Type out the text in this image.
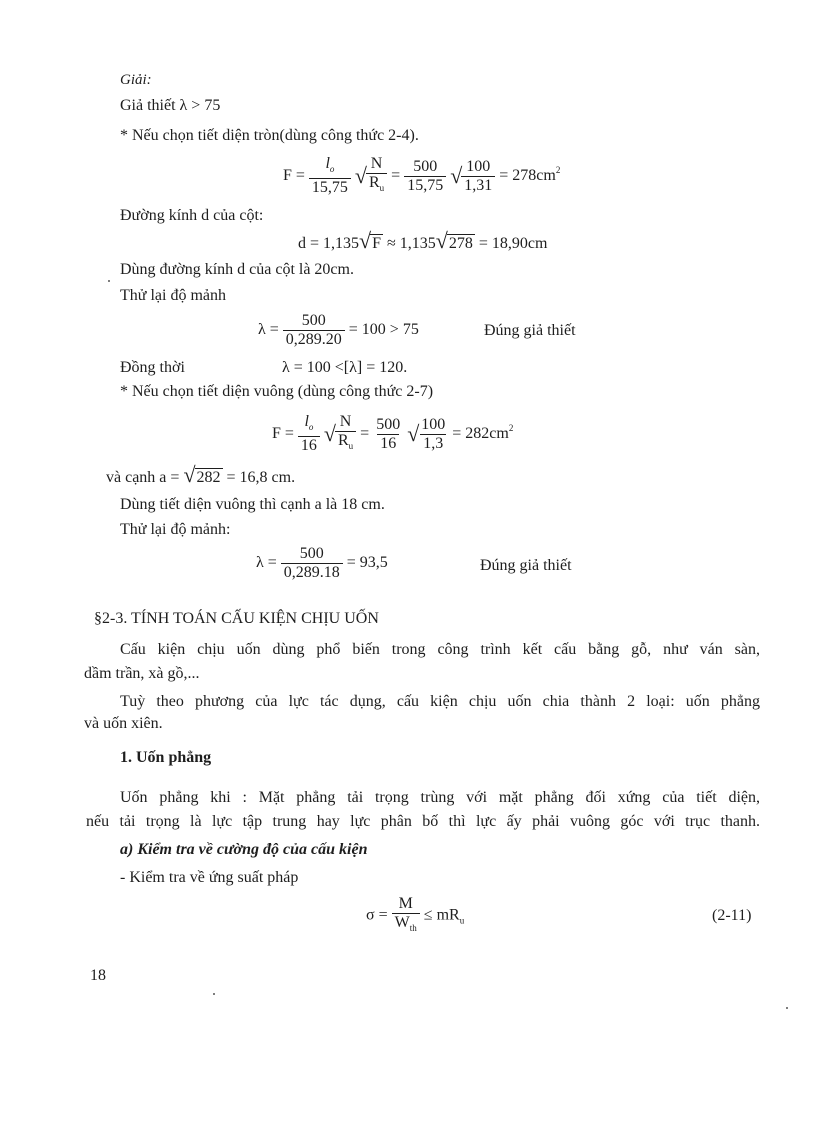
Giải:
Giả thiết λ > 75
* Nếu chọn tiết diện tròn(dùng công thức 2-4).
$F = \frac{l_o}{15,75}$
√ $\frac{N}{R_u} = \frac{500}{15,75}$
√ $\frac{100}{1,31} = 278cm^2$
Đường kính d của cột:
d = 1,135√F ≈ 1,135√278 = 18,90cm
Dùng đường kính d của cột là 20cm.
Thử lại độ mảnh
$\lambda = \frac{500}{0,289.20} = 100 > 75$	Đúng giả thiết
Đồng thời	λ = 100 <[λ] = 120.
* Nếu chọn tiết diện vuông (dùng công thức 2-7)
$F = \frac{l_o}{16}$
√ $\frac{N}{R_u} = \frac{500}{16}$
√ $\frac{100}{1,3} = 282cm^2$
và cạnh a = √282 = 16,8 cm.
Dùng tiết diện vuông thì cạnh a là 18 cm.
Thử lại độ mảnh:
$\lambda = \frac{500}{0,289.18} = 93,5$	Đúng giả thiết
§2-3. TÍNH TOÁN CẤU KIỆN CHỊU UỐN
Cấu kiện chịu uốn dùng phổ biến trong công trình kết cấu bằng gỗ, như ván sàn,
dầm trần, xà gồ,...
Tuỳ theo phương của lực tác dụng, cấu kiện chịu uốn chia thành 2 loại: uốn phẳng
và uốn xiên.
1. Uốn phẳng
Uốn phẳng khi : Mặt phẳng tải trọng trùng với mặt phẳng đối xứng của tiết diện,
nếu tải trọng là lực tập trung hay lực phân bố thì lực ấy phải vuông góc với trục thanh.
a) Kiểm tra về cường độ của cấu kiện
- Kiểm tra về ứng suất pháp
$\sigma = \frac{M}{W_{th}} \le mR_u$	(2-11)
18
